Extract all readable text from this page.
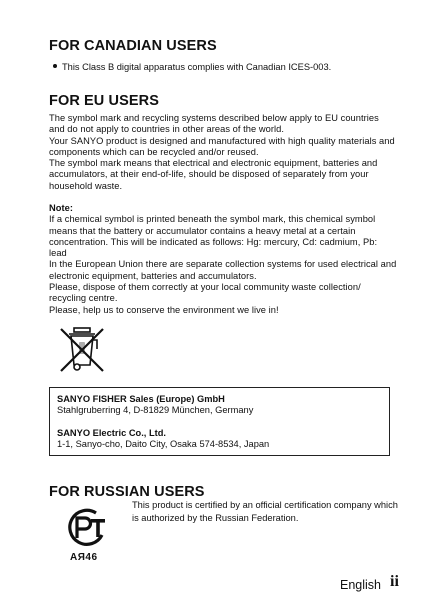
FOR CANADIAN USERS
This Class B digital apparatus complies with Canadian ICES-003.
FOR EU USERS

The symbol mark and recycling systems described below apply to EU countries and do not apply to countries in other areas of the world.

Your SANYO product is designed and manufactured with high quality materials and components which can be recycled and/or reused.

The symbol mark means that electrical and electronic equipment, batteries and accumulators, at their end-of-life, should be disposed of separately from your household waste.

Note:

If a chemical symbol is printed beneath the symbol mark, this chemical symbol means that the battery or accumulator contains a heavy metal at a certain concentration. This will be indicated as follows: Hg: mercury, Cd: cadmium, Pb: lead

In the European Union there are separate collection systems for used electrical and electronic equipment, batteries and accumulators.

Please, dispose of them correctly at your local community waste collection/ recycling centre.

Please, help us to conserve the environment we live in!

SANYO FISHER Sales (Europe) GmbH
Stahlgruberring 4, D-81829 München, Germany
SANYO Electric Co., Ltd.
1-1, Sanyo-cho, Daito City, Osaka 574-8534, Japan
FOR RUSSIAN USERS
AЯ46
This product is certified by an official certification company which is authorized by the Russian Federation.
English ii
